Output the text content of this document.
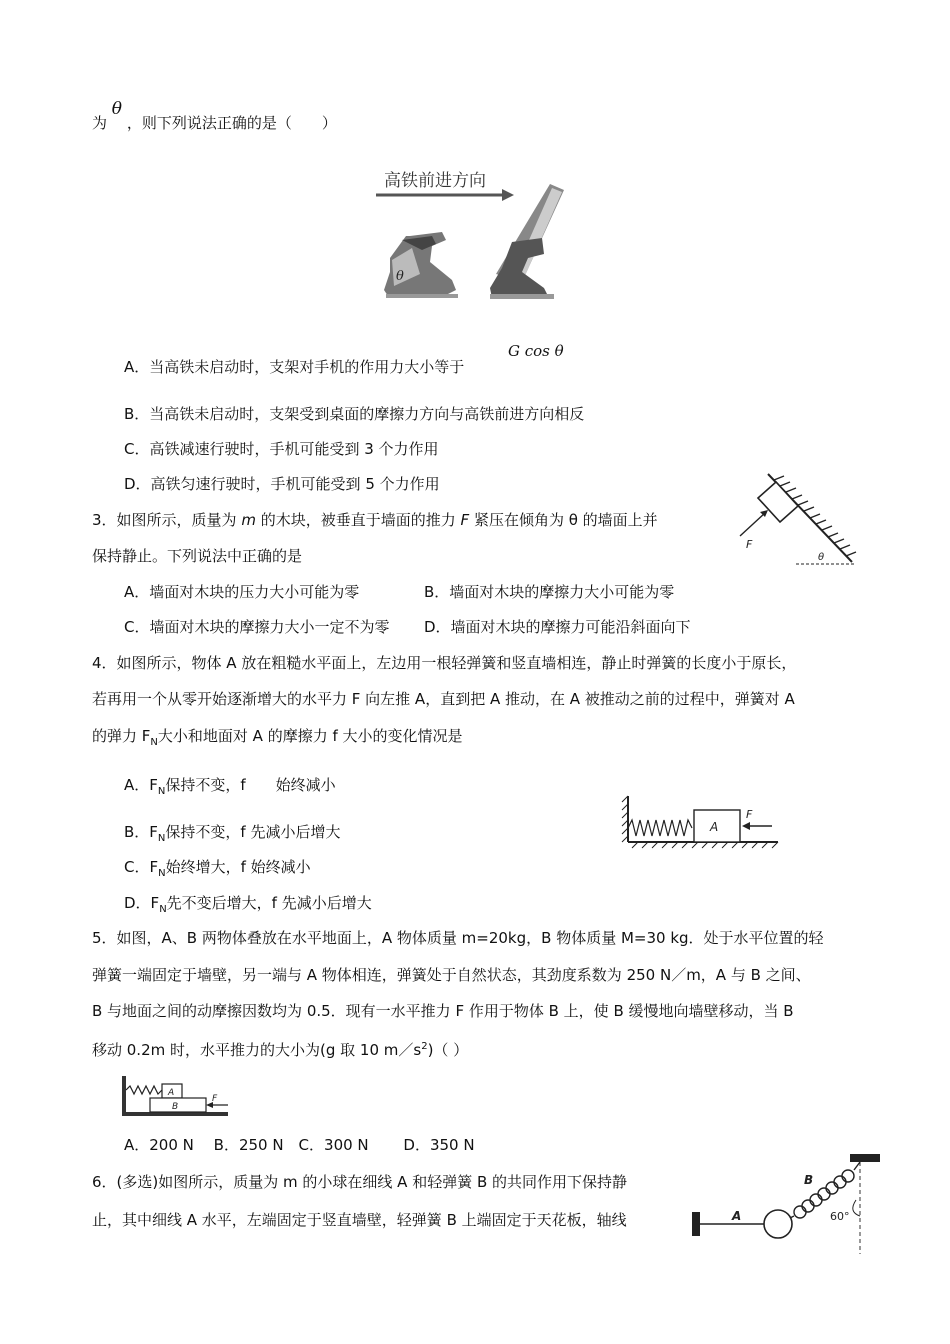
为 θ ，则下列说法正确的是（　　）
高铁前进方向
θ
A．当高铁未启动时，支架对手机的作用力大小等于
G cos θ
B．当高铁未启动时，支架受到桌面的摩擦力方向与高铁前进方向相反
C．高铁减速行驶时，手机可能受到 3 个力作用
D．高铁匀速行驶时，手机可能受到 5 个力作用
3．如图所示，质量为 m 的木块，被垂直于墙面的推力 F 紧压在倾角为 θ 的墙面上并
保持静止。下列说法中正确的是
F
θ
A．墙面对木块的压力大小可能为零	B．墙面对木块的摩擦力大小可能为零
C．墙面对木块的摩擦力大小一定不为零 D．墙面对木块的摩擦力可能沿斜面向下
4．如图所示，物体 A 放在粗糙水平面上，左边用一根轻弹簧和竖直墙相连，静止时弹簧的长度小于原长，
若再用一个从零开始逐渐增大的水平力 F 向左推 A，直到把 A 推动，在 A 被推动之前的过程中，弹簧对 A
的弹力 $F_N$大小和地面对 A 的摩擦力 f 大小的变化情况是
A．$F_N$保持不变，f　　始终减小
B．$F_N$保持不变，f 先减小后增大
C．$F_N$始终增大，f 始终减小
D．$F_N$先不变后增大，f 先减小后增大
A
F
5．如图，A、B 两物体叠放在水平地面上，A 物体质量 m=20kg，B 物体质量 M=30 kg．处于水平位置的轻
弹簧一端固定于墙壁，另一端与 A 物体相连，弹簧处于自然状态，其劲度系数为 250 N／m，A 与 B 之间、
B 与地面之间的动摩擦因数均为 0.5．现有一水平推力 F 作用于物体 B 上，使 B 缓慢地向墙壁移动，当 B
移动 0.2m 时，水平推力的大小为(g 取 10 $m/s^2$)（ ）
A
B
F
A．200 N　 B．250 N　C．300 N　　 D．350 N
6．(多选)如图所示，质量为 m 的小球在细线 A 和轻弹簧 B 的共同作用下保持静
止，其中细线 A 水平，左端固定于竖直墙壁，轻弹簧 B 上端固定于天花板，轴线	A
B
60°
